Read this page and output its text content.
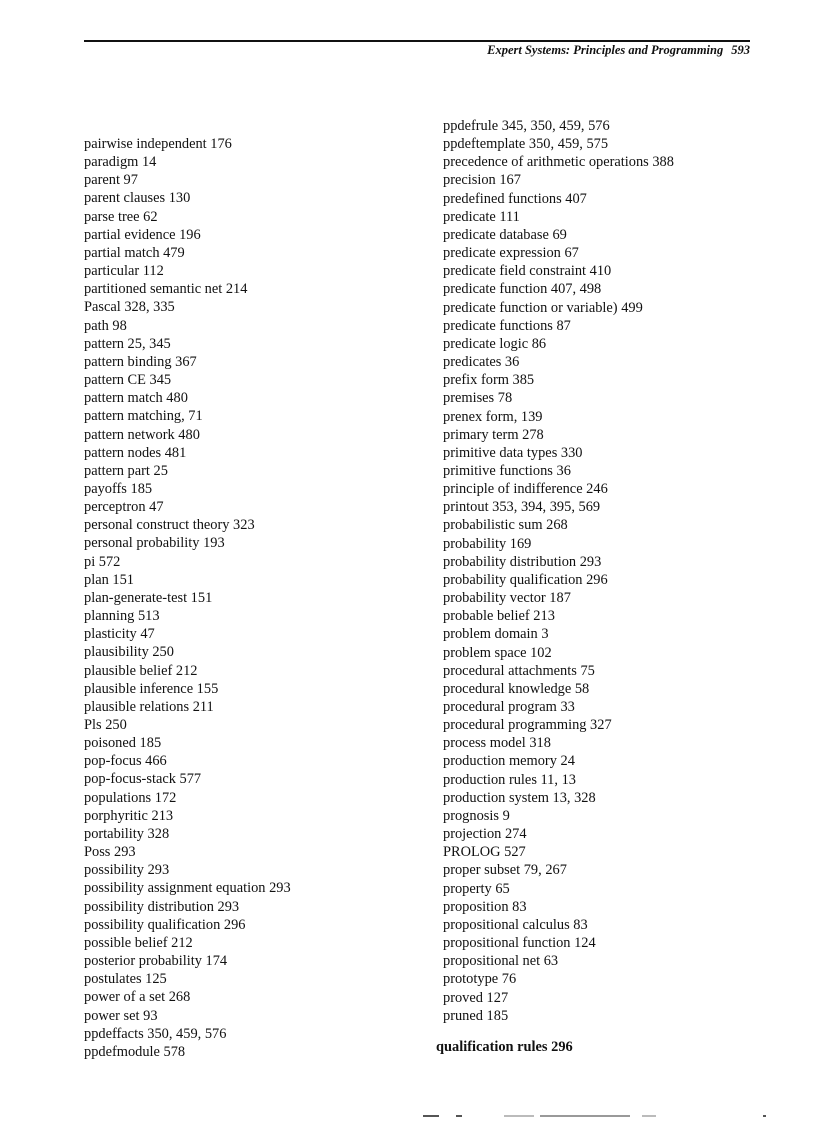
Expert Systems: Principles and Programming 593
pairwise independent 176
paradigm 14
parent 97
parent clauses 130
parse tree 62
partial evidence 196
partial match 479
particular 112
partitioned semantic net 214
Pascal 328, 335
path 98
pattern 25, 345
pattern binding 367
pattern CE 345
pattern match 480
pattern matching, 71
pattern network 480
pattern nodes 481
pattern part 25
payoffs 185
perceptron 47
personal construct theory 323
personal probability 193
pi 572
plan 151
plan-generate-test 151
planning 513
plasticity 47
plausibility 250
plausible belief 212
plausible inference 155
plausible relations 211
Pls 250
poisoned 185
pop-focus 466
pop-focus-stack 577
populations 172
porphyritic 213
portability 328
Poss 293
possibility 293
possibility assignment equation 293
possibility distribution 293
possibility qualification 296
possible belief 212
posterior probability 174
postulates 125
power of a set 268
power set 93
ppdeffacts 350, 459, 576
ppdefmodule 578
ppdefrule 345, 350, 459, 576
ppdeftemplate 350, 459, 575
precedence of arithmetic operations 388
precision 167
predefined functions 407
predicate 111
predicate database 69
predicate expression 67
predicate field constraint 410
predicate function 407, 498
predicate function or variable) 499
predicate functions 87
predicate logic 86
predicates 36
prefix form 385
premises 78
prenex form, 139
primary term 278
primitive data types 330
primitive functions 36
principle of indifference 246
printout 353, 394, 395, 569
probabilistic sum 268
probability 169
probability distribution 293
probability qualification 296
probability vector 187
probable belief 213
problem domain 3
problem space 102
procedural attachments 75
procedural knowledge 58
procedural program 33
procedural programming 327
process model 318
production memory 24
production rules 11, 13
production system 13, 328
prognosis 9
projection 274
PROLOG 527
proper subset 79, 267
property 65
proposition 83
propositional calculus 83
propositional function 124
propositional net 63
prototype 76
proved 127
pruned 185
qualification rules 296
